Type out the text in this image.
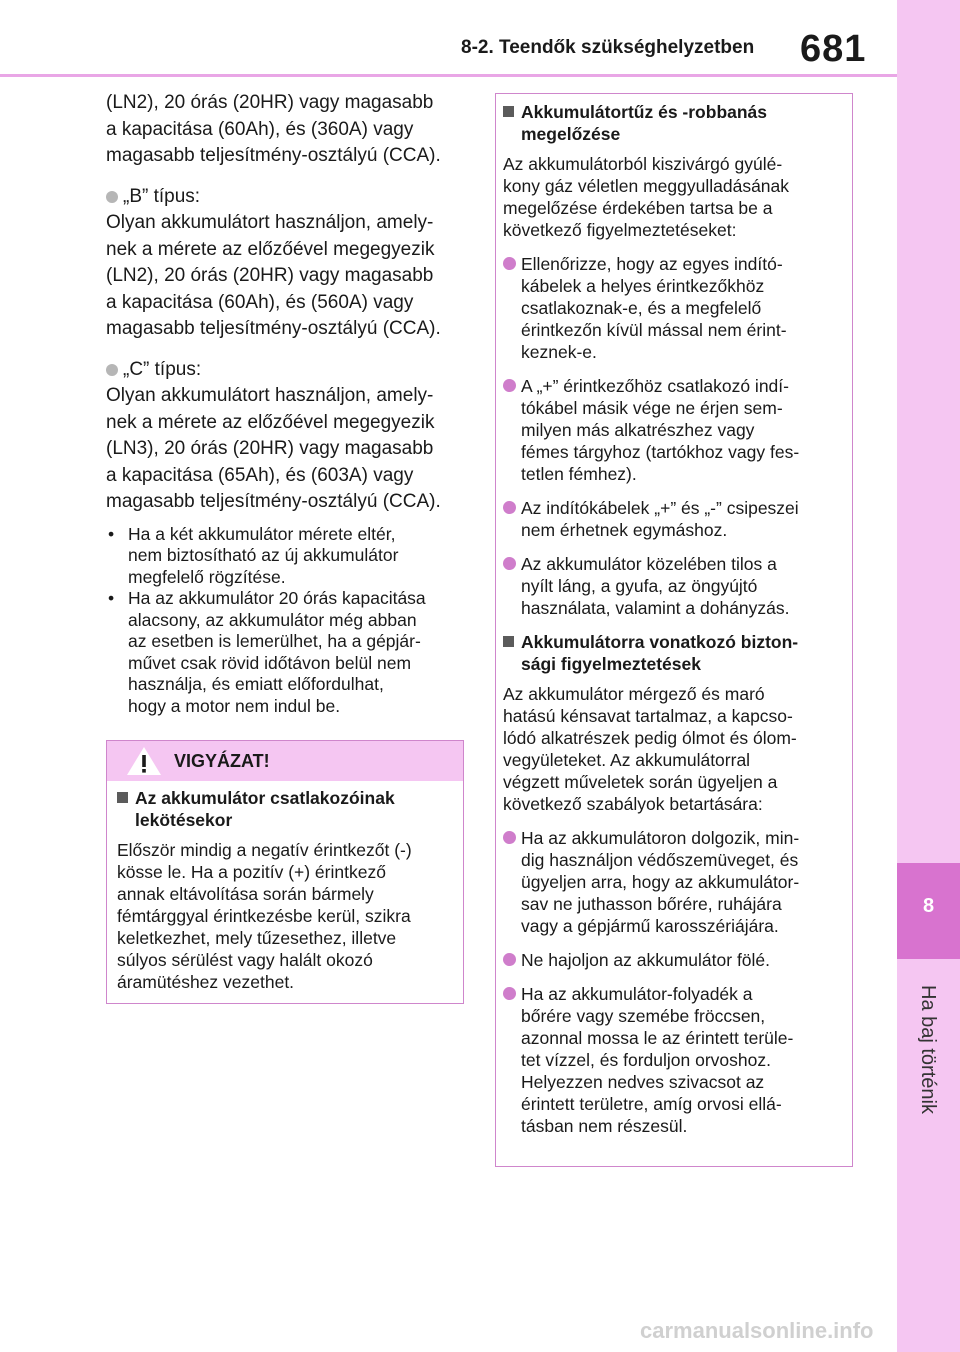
8-2. Teendők szükséghelyzetben 681
8
Ha baj történik

(LN2), 20 órás (20HR) vagy magasabb

a kapacitása (60Ah), és (360A) vagy

magasabb teljesítmény-osztályú (CCA).

„B” típus:

Olyan akkumulátort használjon, amely-

nek a mérete az előzőével megegyezik

(LN2), 20 órás (20HR) vagy magasabb

a kapacitása (60Ah), és (560A) vagy

magasabb teljesítmény-osztályú (CCA).

„C” típus:

Olyan akkumulátort használjon, amely-

nek a mérete az előzőével megegyezik

(LN3), 20 órás (20HR) vagy magasabb

a kapacitása (65Ah), és (603A) vagy

magasabb teljesítmény-osztályú (CCA).

• Ha a két akkumulátor mérete eltér,
nem biztosítható az új akkumulátor
megfelelő rögzítése.
• Ha az akkumulátor 20 órás kapacitása
alacsony, az akkumulátor még abban
az esetben is lemerülhet, ha a gépjár-
művet csak rövid időtávon belül nem
használja, és emiatt előfordulhat,
hogy a motor nem indul be.
VIGYÁZAT!
Az akkumulátor csatlakozóinak
lekötésekor
Először mindig a negatív érintkezőt (-)
kösse le. Ha a pozitív (+) érintkező
annak eltávolítása során bármely
fémtárggyal érintkezésbe kerül, szikra
keletkezhet, mely tűzesethez, illetve
súlyos sérülést vagy halált okozó
áramütéshez vezethet.
Akkumulátortűz és -robbanás
megelőzése
Az akkumulátorból kiszivárgó gyúlé-
kony gáz véletlen meggyulladásának
megelőzése érdekében tartsa be a
következő figyelmeztetéseket:
Ellenőrizze, hogy az egyes indító-
kábelek a helyes érintkezőkhöz
csatlakoznak-e, és a megfelelő
érintkezőn kívül mással nem érint-
keznek-e.
A „+” érintkezőhöz csatlakozó indí-
tókábel másik vége ne érjen sem-
milyen más alkatrészhez vagy
fémes tárgyhoz (tartókhoz vagy fes-
tetlen fémhez).
Az indítókábelek „+” és „-” csipeszei
nem érhetnek egymáshoz.
Az akkumulátor közelében tilos a
nyílt láng, a gyufa, az öngyújtó
használata, valamint a dohányzás.
Akkumulátorra vonatkozó bizton-
sági figyelmeztetések
Az akkumulátor mérgező és maró
hatású kénsavat tartalmaz, a kapcso-
lódó alkatrészek pedig ólmot és ólom-
vegyületeket. Az akkumulátorral
végzett műveletek során ügyeljen a
következő szabályok betartására:
Ha az akkumulátoron dolgozik, min-
dig használjon védőszemüveget, és
ügyeljen arra, hogy az akkumulátor-
sav ne juthasson bőrére, ruhájára
vagy a gépjármű karosszériájára.
Ne hajoljon az akkumulátor fölé.
Ha az akkumulátor-folyadék a
bőrére vagy szemébe fröccsen,
azonnal mossa le az érintett terüle-
tet vízzel, és forduljon orvoshoz.
Helyezzen nedves szivacsot az
érintett területre, amíg orvosi ellá-
tásban nem részesül.
carmanualsonline.info
